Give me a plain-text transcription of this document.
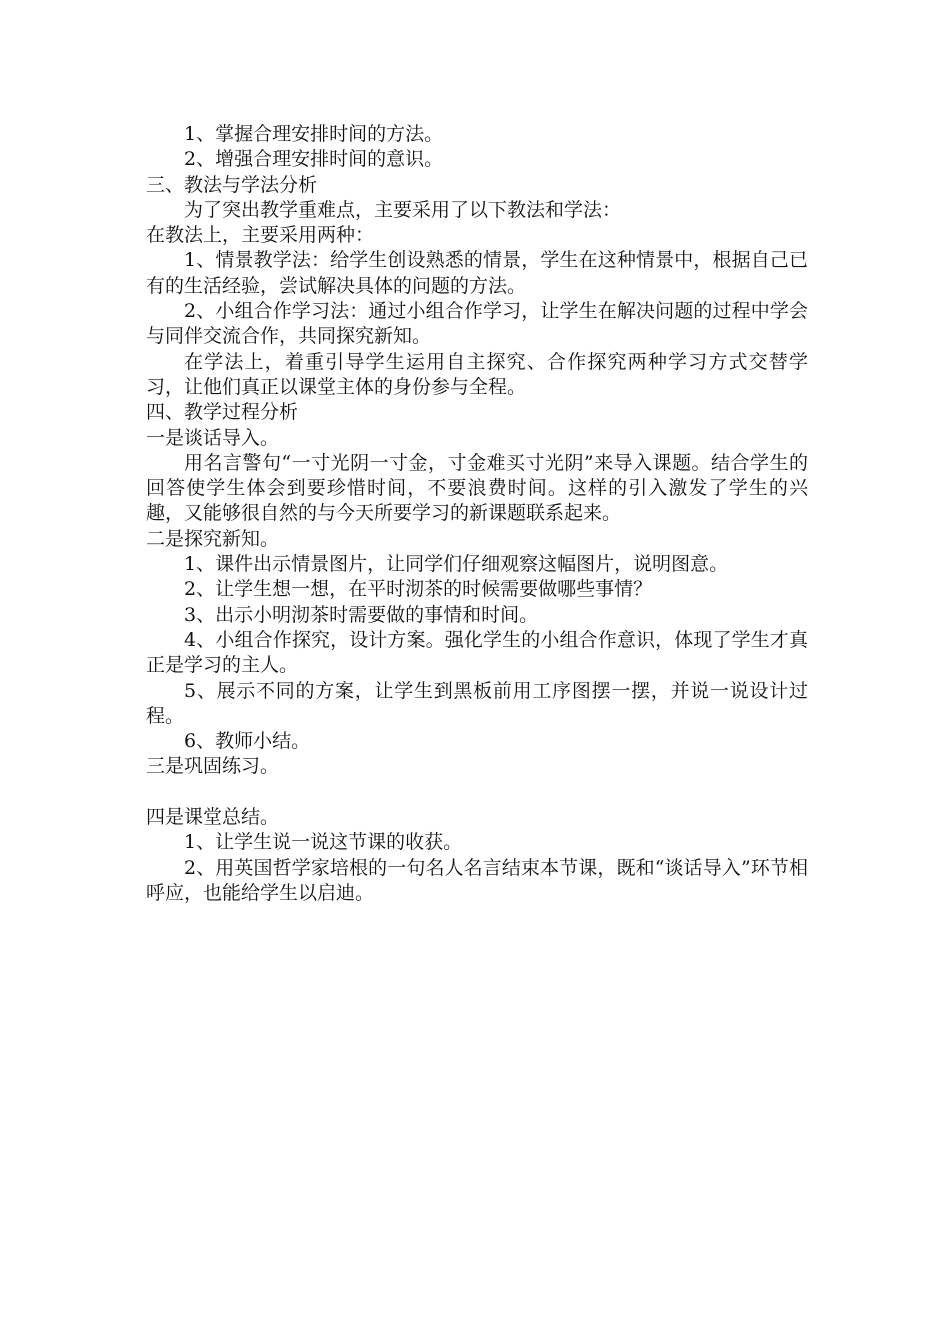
1、掌握合理安排时间的方法。

2、增强合理安排时间的意识。

三、教法与学法分析

为了突出教学重难点，主要采用了以下教法和学法：

在教法上，主要采用两种：

1、情景教学法：给学生创设熟悉的情景，学生在这种情景中，根据自己已有的生活经验，尝试解决具体的问题的方法。

2、小组合作学习法：通过小组合作学习，让学生在解决问题的过程中学会与同伴交流合作，共同探究新知。

在学法上，着重引导学生运用自主探究、合作探究两种学习方式交替学习，让他们真正以课堂主体的身份参与全程。

四、教学过程分析

一是谈话导入。

用名言警句“一寸光阴一寸金，寸金难买寸光阴”来导入课题。结合学生的回答使学生体会到要珍惜时间，不要浪费时间。这样的引入激发了学生的兴趣，又能够很自然的与今天所要学习的新课题联系起来。

二是探究新知。

1、课件出示情景图片，让同学们仔细观察这幅图片，说明图意。

2、让学生想一想，在平时沏茶的时候需要做哪些事情？

3、出示小明沏茶时需要做的事情和时间。

4、小组合作探究，设计方案。强化学生的小组合作意识，体现了学生才真正是学习的主人。

5、展示不同的方案，让学生到黑板前用工序图摆一摆，并说一说设计过程。

6、教师小结。

三是巩固练习。

四是课堂总结。

1、让学生说一说这节课的收获。

2、用英国哲学家培根的一句名人名言结束本节课，既和“谈话导入”环节相呼应，也能给学生以启迪。
